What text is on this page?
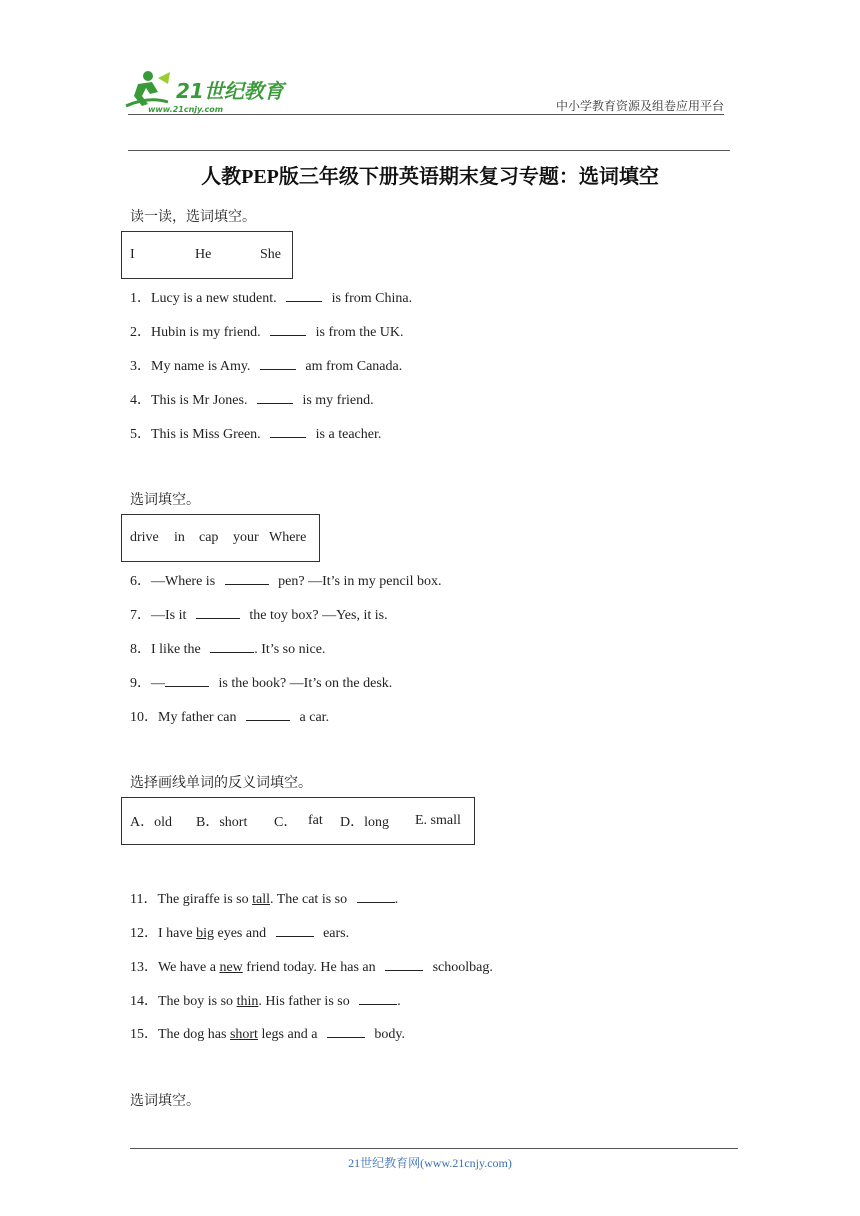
21世纪教育
www.21cnjy.com	中小学教育资源及组卷应用平台
人教PEP版三年级下册英语期末复习专题：选词填空
读一读，选词填空。
I	He	She
1．Lucy is a new student.	is from China.
2．Hubin is my friend.	is from the UK.
3．My name is Amy.	am from Canada.
4．This is Mr Jones.	is my friend.
5．This is Miss Green.	is a teacher.
选词填空。
drive in cap your Where
6．—Where is	pen? —It’s in my pencil box.
7．—Is it	the toy box? —Yes, it is.
8．I like the	. It’s so nice.
9．—	is the book? —It’s on the desk.
10．My father can	a car.
选择画线单词的反义词填空。
A．old B．short C． fat D．long E. small
11．The giraffe is so tall. The cat is so	.
12．I have big eyes and	ears.
13．We have a new friend today. He has an	schoolbag.
14．The boy is so thin. His father is so	.
15．The dog has short legs and a	body.
选词填空。
21世纪教育网(www.21cnjy.com)
